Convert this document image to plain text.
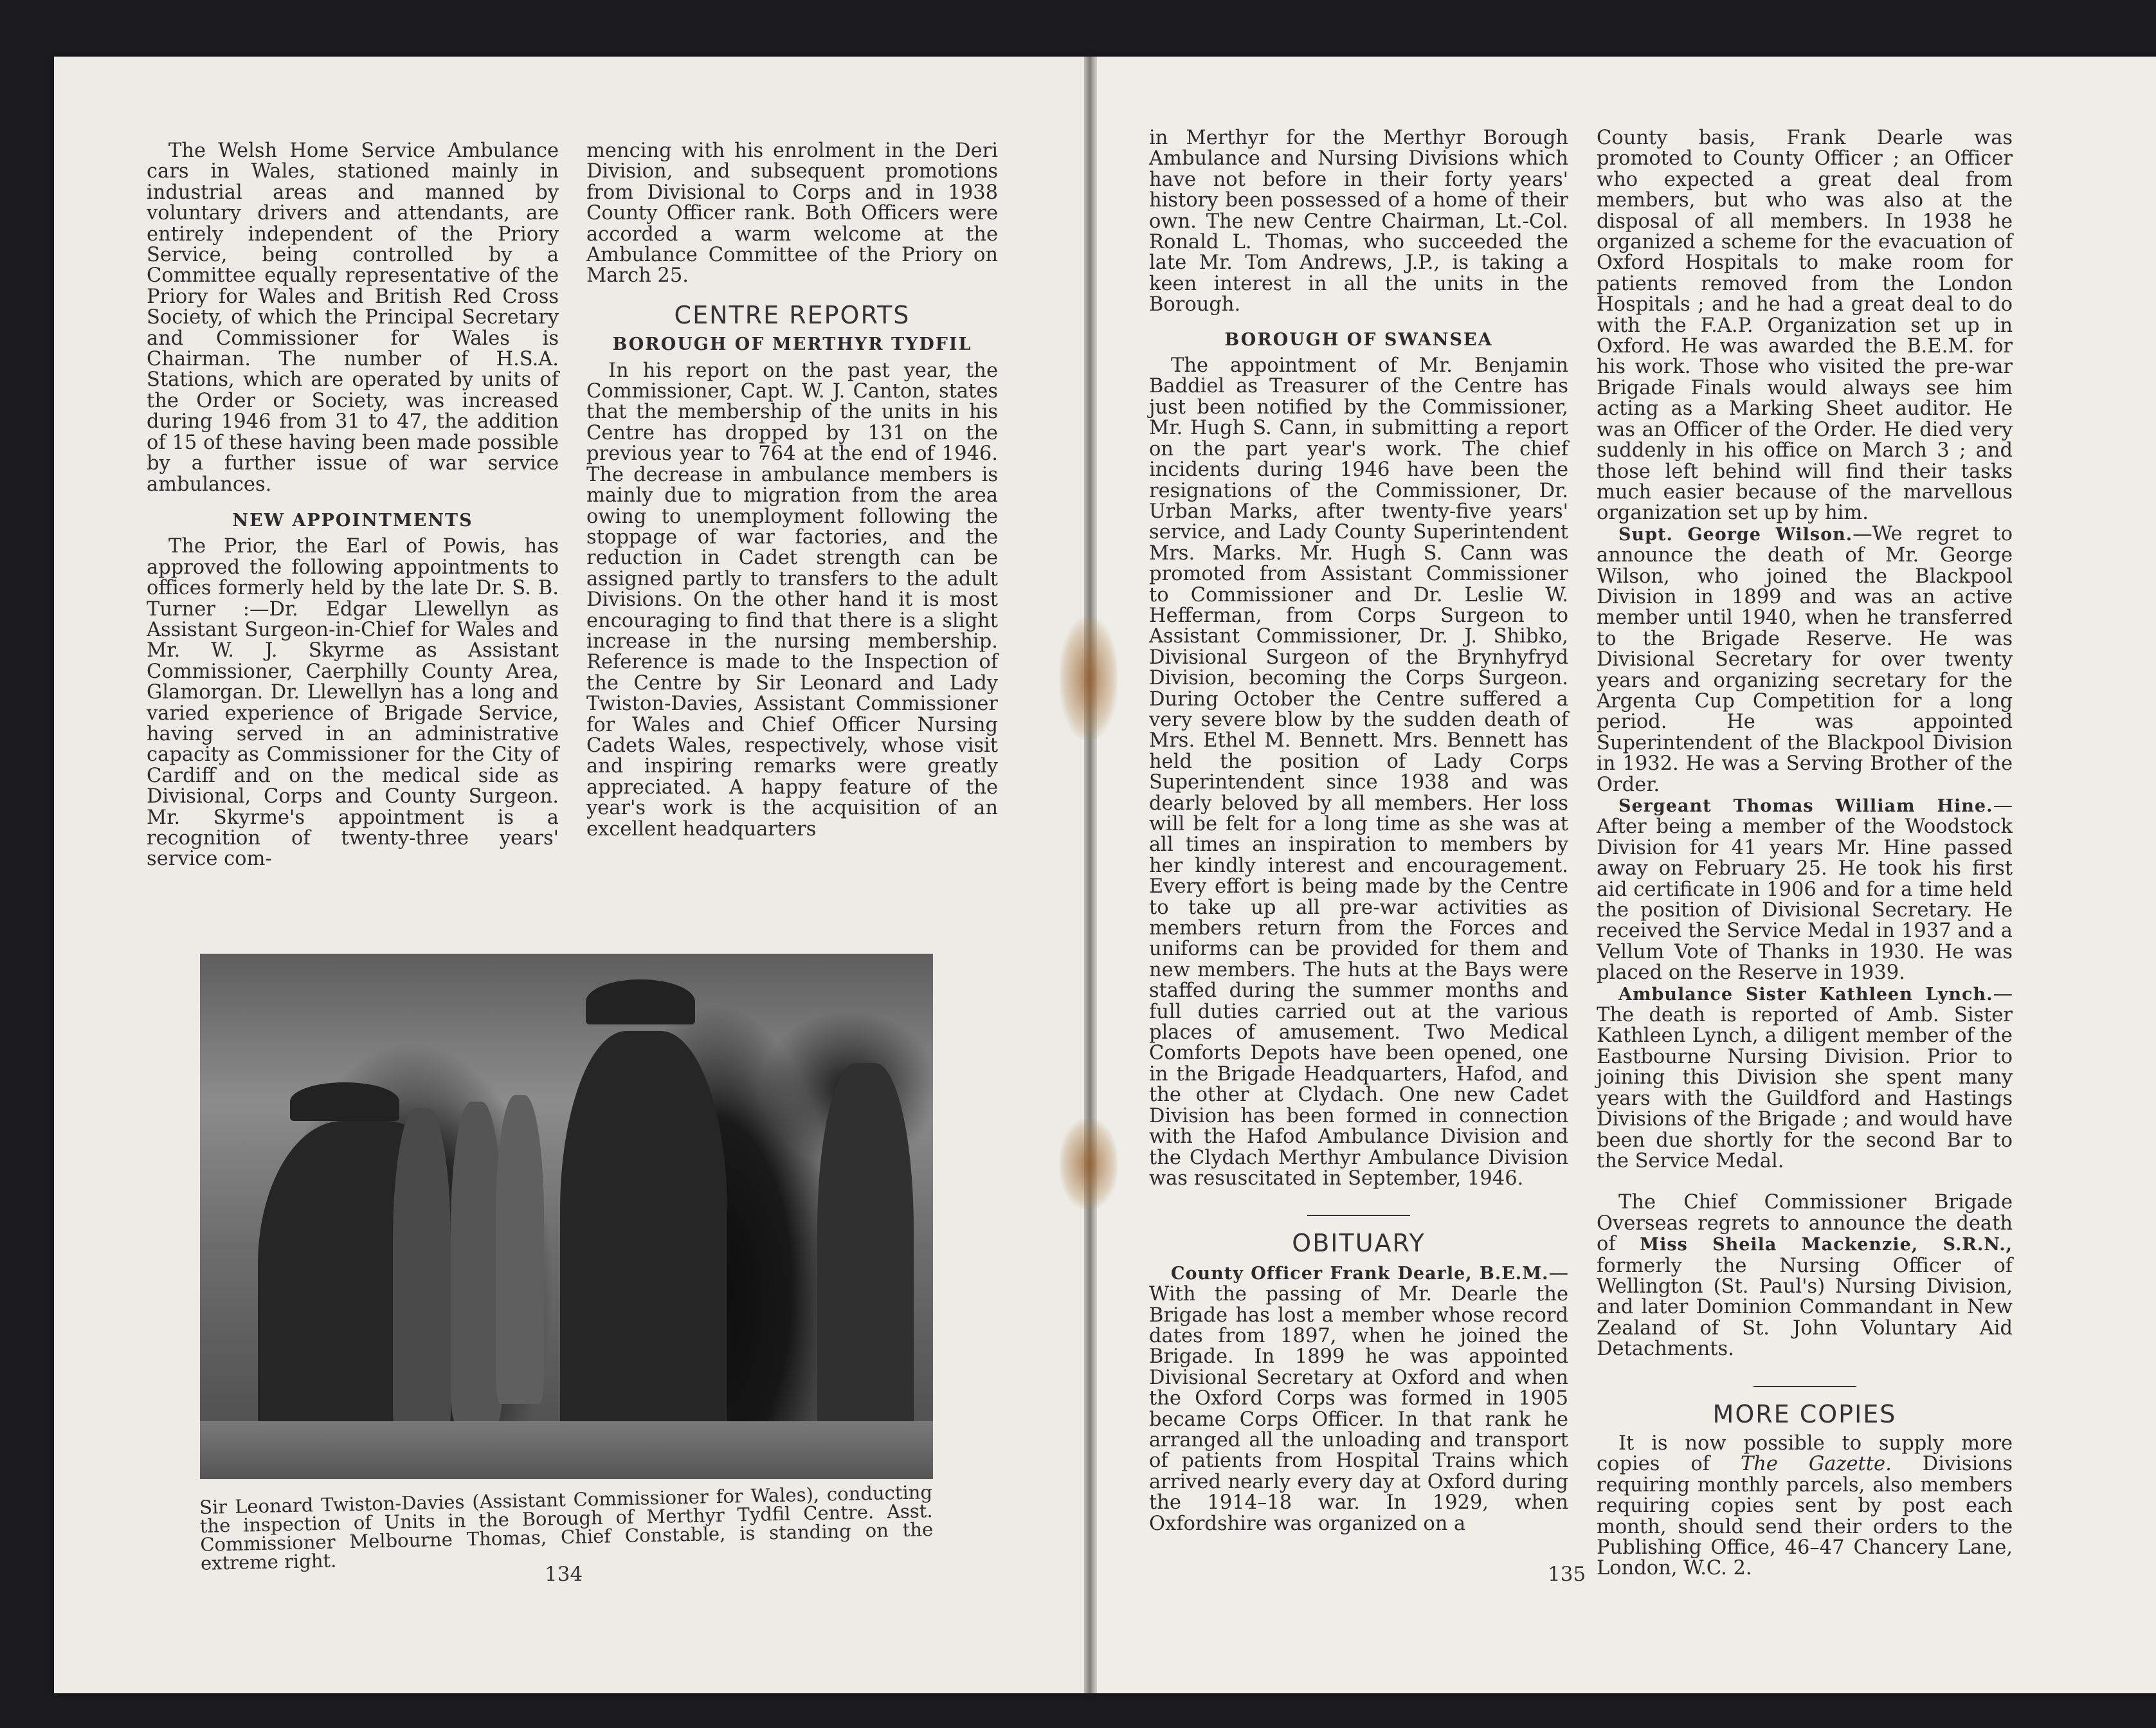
The Welsh Home Service Ambulance cars in Wales, stationed mainly in industrial areas and manned by voluntary drivers and attendants, are entirely independent of the Priory Service, being controlled by a Committee equally representative of the Priory for Wales and British Red Cross Society, of which the Principal Secretary and Commissioner for Wales is Chairman. The number of H.S.A. Stations, which are operated by units of the Order or Society, was increased during 1946 from 31 to 47, the addition of 15 of these having been made possible by a further issue of war service ambulances.

NEW APPOINTMENTS

The Prior, the Earl of Powis, has approved the following appointments to offices formerly held by the late Dr. S. B. Turner :—Dr. Edgar Llewellyn as Assistant Surgeon-in-Chief for Wales and Mr. W. J. Skyrme as Assistant Commissioner, Caerphilly County Area, Glamorgan. Dr. Llewellyn has a long and varied experience of Brigade Service, having served in an administrative capacity as Commissioner for the City of Cardiff and on the medical side as Divisional, Corps and County Surgeon. Mr. Skyrme's appointment is a recognition of twenty-three years' service com-

mencing with his enrolment in the Deri Division, and subsequent promotions from Divisional to Corps and in 1938 County Officer rank. Both Officers were accorded a warm welcome at the Ambulance Committee of the Priory on March 25.

CENTRE REPORTS
BOROUGH OF MERTHYR TYDFIL

In his report on the past year, the Commissioner, Capt. W. J. Canton, states that the membership of the units in his Centre has dropped by 131 on the previous year to 764 at the end of 1946. The decrease in ambulance members is mainly due to migration from the area owing to unemployment following the stoppage of war factories, and the reduction in Cadet strength can be assigned partly to transfers to the adult Divisions. On the other hand it is most encouraging to find that there is a slight increase in the nursing membership. Reference is made to the Inspection of the Centre by Sir Leonard and Lady Twiston-Davies, Assistant Commissioner for Wales and Chief Officer Nursing Cadets Wales, respectively, whose visit and inspiring remarks were greatly appreciated. A happy feature of the year's work is the acquisition of an excellent headquarters

Sir Leonard Twiston-Davies (Assistant Commissioner for Wales), conducting the inspection of Units in the Borough of Merthyr Tydfil Centre. Asst. Commissioner Melbourne Thomas, Chief Constable, is standing on the extreme right.
134

in Merthyr for the Merthyr Borough Ambulance and Nursing Divisions which have not before in their forty years' history been possessed of a home of their own. The new Centre Chairman, Lt.-Col. Ronald L. Thomas, who succeeded the late Mr. Tom Andrews, J.P., is taking a keen interest in all the units in the Borough.

BOROUGH OF SWANSEA

The appointment of Mr. Benjamin Baddiel as Treasurer of the Centre has just been notified by the Commissioner, Mr. Hugh S. Cann, in submitting a report on the part year's work. The chief incidents during 1946 have been the resignations of the Commissioner, Dr. Urban Marks, after twenty-five years' service, and Lady County Superintendent Mrs. Marks. Mr. Hugh S. Cann was promoted from Assistant Commissioner to Commissioner and Dr. Leslie W. Hefferman, from Corps Surgeon to Assistant Commissioner, Dr. J. Shibko, Divisional Surgeon of the Brynhyfryd Division, becoming the Corps Surgeon. During October the Centre suffered a very severe blow by the sudden death of Mrs. Ethel M. Bennett. Mrs. Bennett has held the position of Lady Corps Superintendent since 1938 and was dearly beloved by all members. Her loss will be felt for a long time as she was at all times an inspiration to members by her kindly interest and encouragement. Every effort is being made by the Centre to take up all pre-war activities as members return from the Forces and uniforms can be provided for them and new members. The huts at the Bays were staffed during the summer months and full duties carried out at the various places of amusement. Two Medical Comforts Depots have been opened, one in the Brigade Headquarters, Hafod, and the other at Clydach. One new Cadet Division has been formed in connection with the Hafod Ambulance Division and the Clydach Merthyr Ambulance Division was resuscitated in September, 1946.

OBITUARY

County Officer Frank Dearle, B.E.M.— With the passing of Mr. Dearle the Brigade has lost a member whose record dates from 1897, when he joined the Brigade. In 1899 he was appointed Divisional Secretary at Oxford and when the Oxford Corps was formed in 1905 became Corps Officer. In that rank he arranged all the unloading and transport of patients from Hospital Trains which arrived nearly every day at Oxford during the 1914–18 war. In 1929, when Oxfordshire was organized on a

County basis, Frank Dearle was promoted to County Officer ; an Officer who expected a great deal from members, but who was also at the disposal of all members. In 1938 he organized a scheme for the evacuation of Oxford Hospitals to make room for patients removed from the London Hospitals ; and he had a great deal to do with the F.A.P. Organization set up in Oxford. He was awarded the B.E.M. for his work. Those who visited the pre-war Brigade Finals would always see him acting as a Marking Sheet auditor. He was an Officer of the Order. He died very suddenly in his office on March 3 ; and those left behind will find their tasks much easier because of the marvellous organization set up by him.

Supt. George Wilson.—We regret to announce the death of Mr. George Wilson, who joined the Blackpool Division in 1899 and was an active member until 1940, when he transferred to the Brigade Reserve. He was Divisional Secretary for over twenty years and organizing secretary for the Argenta Cup Competition for a long period. He was appointed Superintendent of the Blackpool Division in 1932. He was a Serving Brother of the Order.

Sergeant Thomas William Hine.—After being a member of the Woodstock Division for 41 years Mr. Hine passed away on February 25. He took his first aid certificate in 1906 and for a time held the position of Divisional Secretary. He received the Service Medal in 1937 and a Vellum Vote of Thanks in 1930. He was placed on the Reserve in 1939.

Ambulance Sister Kathleen Lynch.— The death is reported of Amb. Sister Kathleen Lynch, a diligent member of the Eastbourne Nursing Division. Prior to joining this Division she spent many years with the Guildford and Hastings Divisions of the Brigade ; and would have been due shortly for the second Bar to the Service Medal.

The Chief Commissioner Brigade Overseas regrets to announce the death of Miss Sheila Mackenzie, S.R.N., formerly the Nursing Officer of Wellington (St. Paul's) Nursing Division, and later Dominion Commandant in New Zealand of St. John Voluntary Aid Detachments.

MORE COPIES

It is now possible to supply more copies of The Gazette. Divisions requiring monthly parcels, also members requiring copies sent by post each month, should send their orders to the Publishing Office, 46–47 Chancery Lane, London, W.C. 2.

135
